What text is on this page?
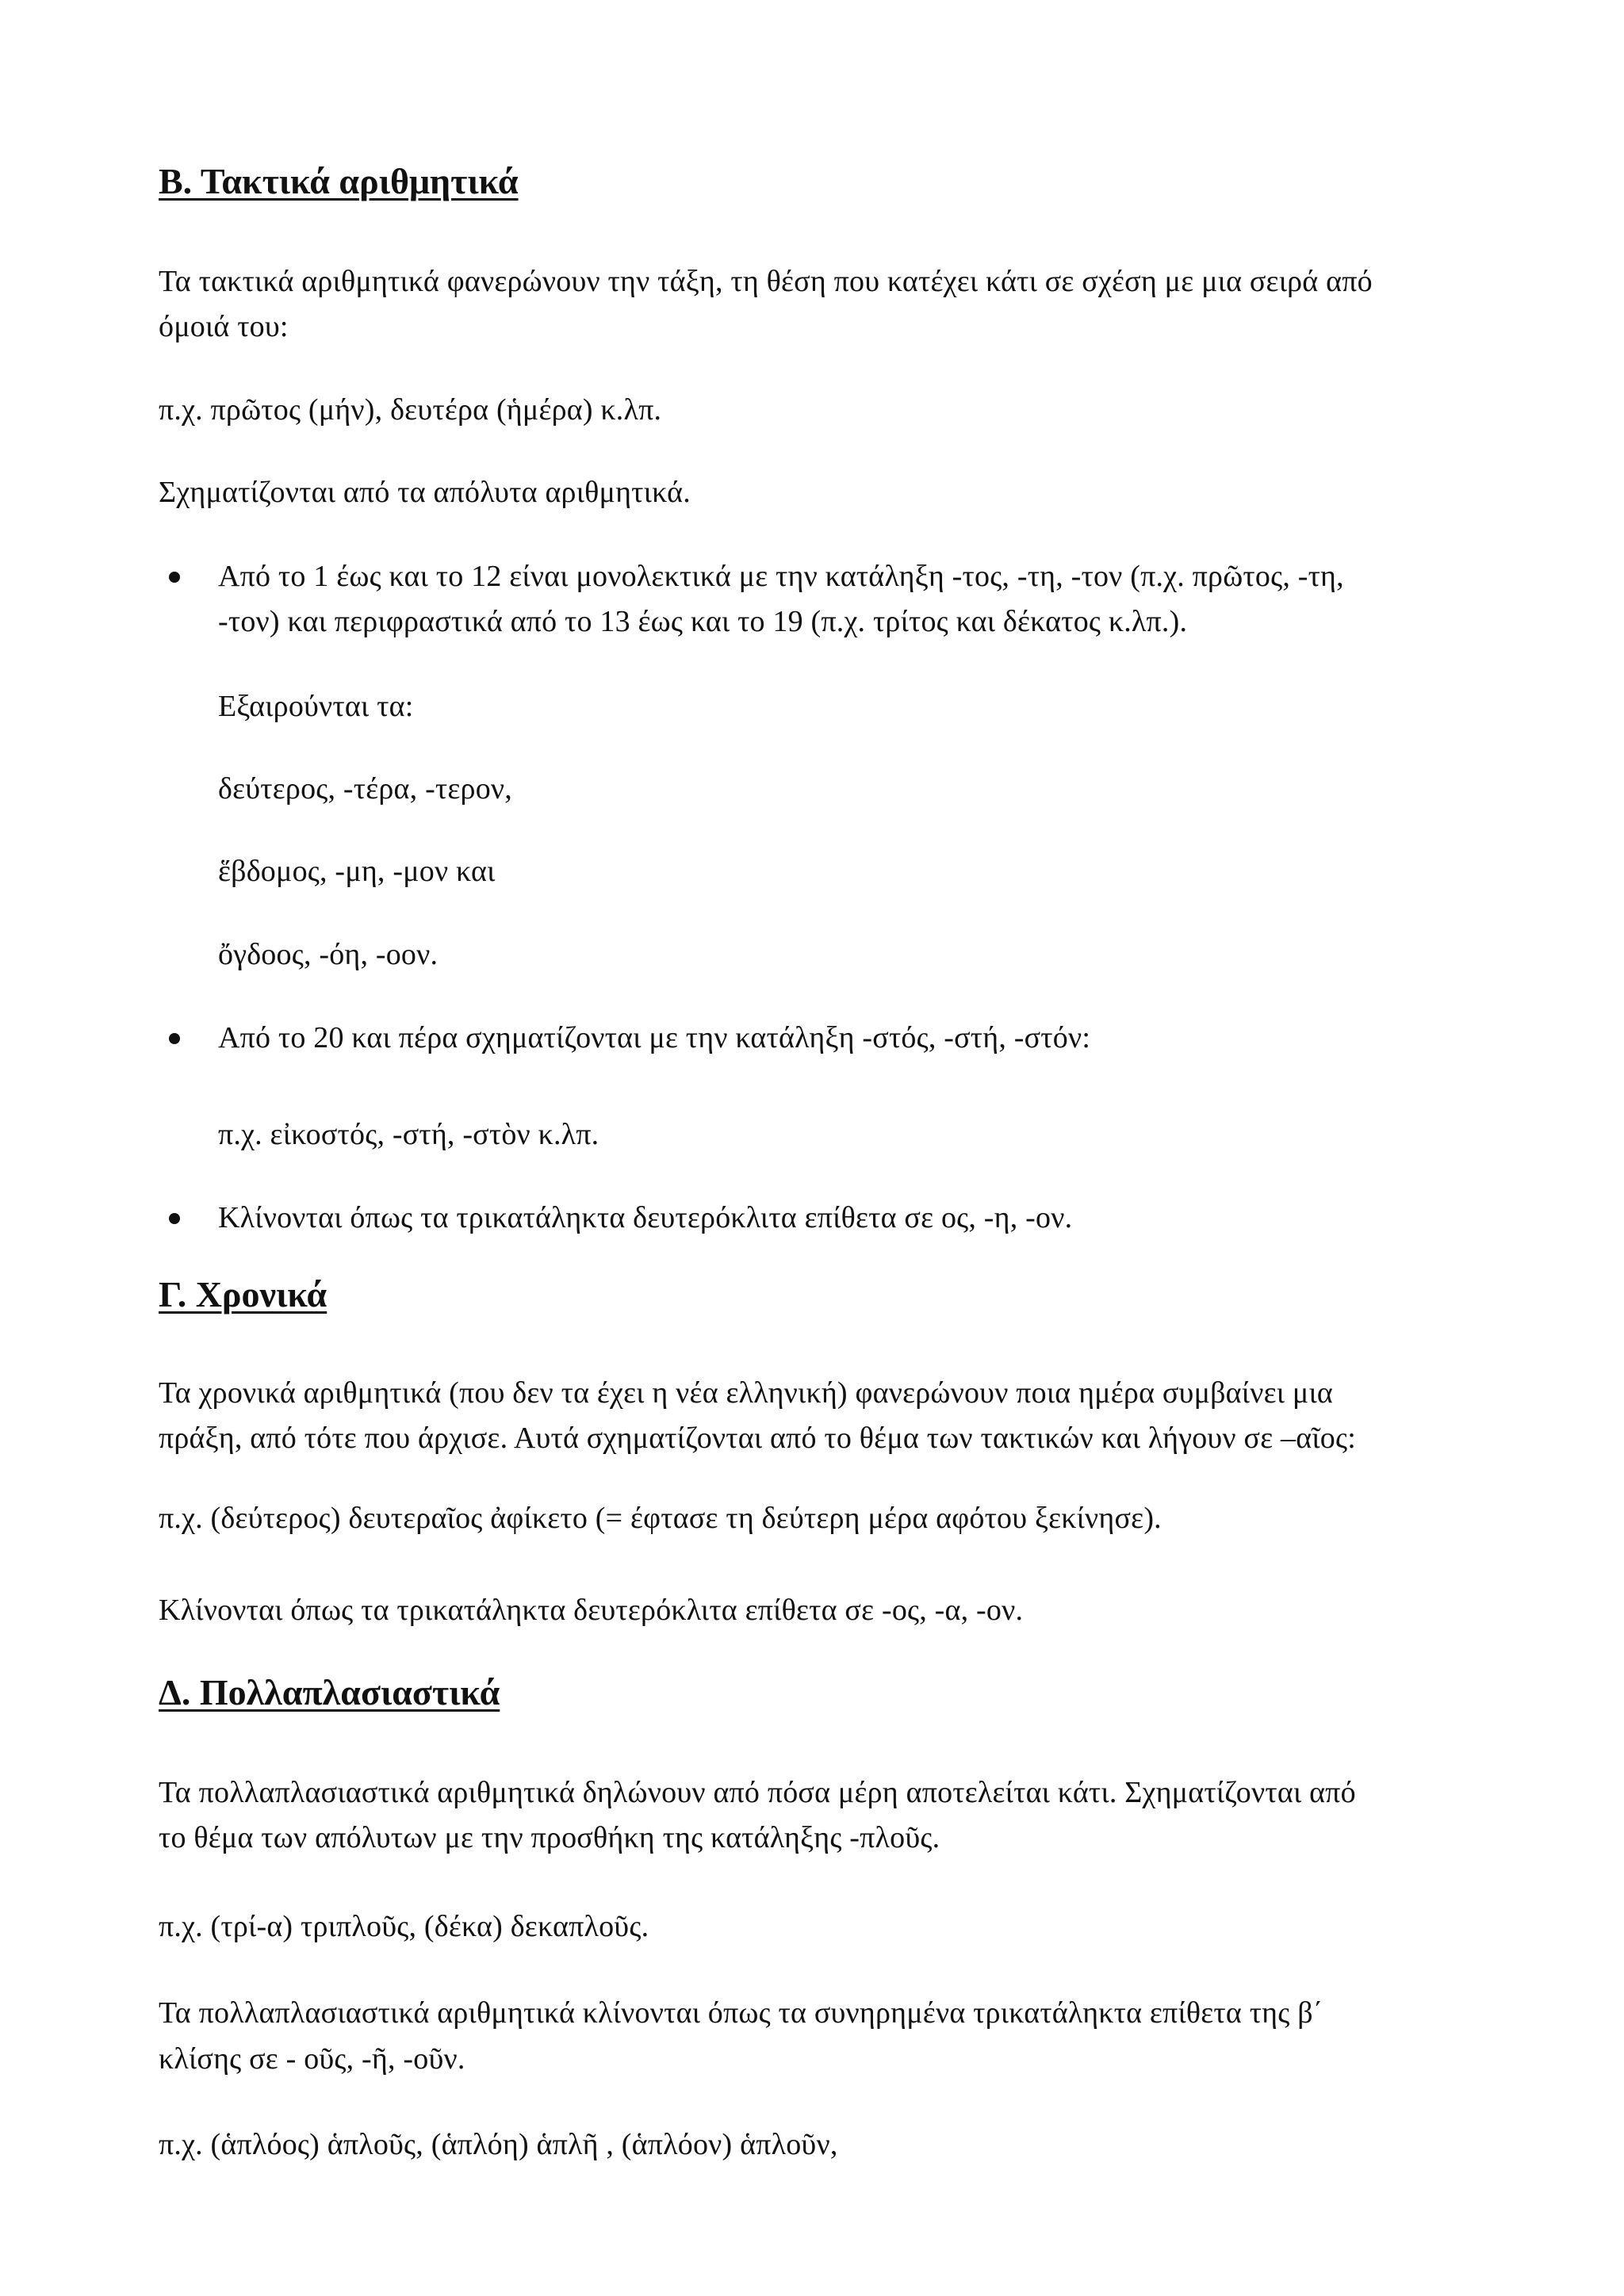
Β. Τακτικά αριθμητικά
Τα τακτικά αριθμητικά φανερώνουν την τάξη, τη θέση που κατέχει κάτι σε σχέση με μια σειρά από
όμοιά του:
π.χ. πρῶτος (μήν), δευτέρα (ἡμέρα) κ.λπ.
Σχηματίζονται από τα απόλυτα αριθμητικά.
Από το 1 έως και το 12 είναι μονολεκτικά με την κατάληξη -τος, -τη, -τον (π.χ. πρῶτος, -τη,
-τον) και περιφραστικά από το 13 έως και το 19 (π.χ. τρίτος και δέκατος κ.λπ.).
Εξαιρούνται τα:
δεύτερος, -τέρα, -τερον,
ἕβδομος, -μη, -μον και
ὄγδοος, -όη, -οον.
Από το 20 και πέρα σχηματίζονται με την κατάληξη -στός, -στή, -στόν:
π.χ. εἰκοστός, -στή, -στὸν κ.λπ.
Κλίνονται όπως τα τρικατάληκτα δευτερόκλιτα επίθετα σε ος, -η, -ον.
Γ. Χρονικά
Τα χρονικά αριθμητικά (που δεν τα έχει η νέα ελληνική) φανερώνουν ποια ημέρα συμβαίνει μια
πράξη, από τότε που άρχισε. Αυτά σχηματίζονται από το θέμα των τακτικών και λήγουν σε –αῖος:
π.χ. (δεύτερος) δευτεραῖος ἀφίκετο (= έφτασε τη δεύτερη μέρα αφότου ξεκίνησε).
Κλίνονται όπως τα τρικατάληκτα δευτερόκλιτα επίθετα σε -ος, -α, -ον.
Δ. Πολλαπλασιαστικά
Τα πολλαπλασιαστικά αριθμητικά δηλώνουν από πόσα μέρη αποτελείται κάτι. Σχηματίζονται από
το θέμα των απόλυτων με την προσθήκη της κατάληξης -πλοῦς.
π.χ. (τρί-α) τριπλοῦς, (δέκα) δεκαπλοῦς.
Τα πολλαπλασιαστικά αριθμητικά κλίνονται όπως τα συνηρημένα τρικατάληκτα επίθετα της β΄
κλίσης σε - οῦς, -ῆ, -οῦν.
π.χ. (ἁπλόος) ἁπλοῦς, (ἁπλόη) ἁπλῆ , (ἁπλόον) ἁπλοῦν,
